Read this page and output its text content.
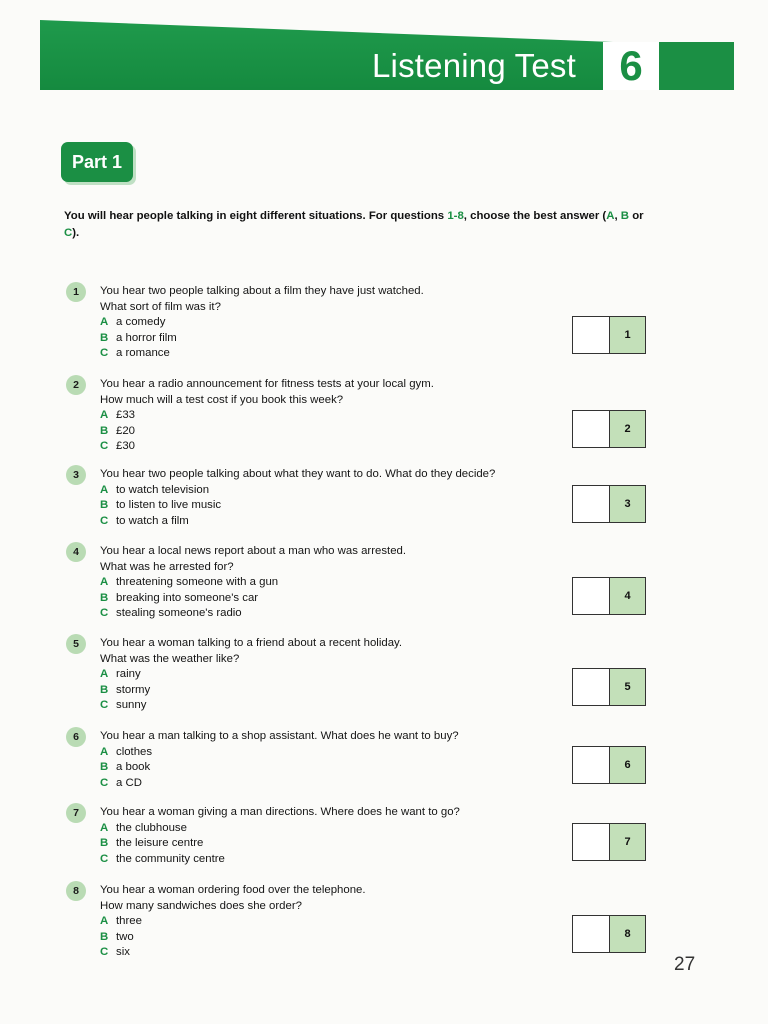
Listening Test 6
Part 1
You will hear people talking in eight different situations. For questions 1-8, choose the best answer (A, B or C).
1	You hear two people talking about a film they have just watched.
What sort of film was it?
A a comedy
B a horror film
C a romance
1
2	You hear a radio announcement for fitness tests at your local gym.
How much will a test cost if you book this week?
A £33
B £20
C £30
2
3	You hear two people talking about what they want to do. What do they decide?
A to watch television
B to listen to live music
C to watch a film
3
4	You hear a local news report about a man who was arrested.
What was he arrested for?
A threatening someone with a gun
B breaking into someone's car
C stealing someone's radio
4
5	You hear a woman talking to a friend about a recent holiday.
What was the weather like?
A rainy
B stormy
C sunny
5
6	You hear a man talking to a shop assistant. What does he want to buy?
A clothes
B a book
C a CD
6
7	You hear a woman giving a man directions. Where does he want to go?
A the clubhouse
B the leisure centre
C the community centre
7
8	You hear a woman ordering food over the telephone.
How many sandwiches does she order?
A three
B two
C six
8
27
